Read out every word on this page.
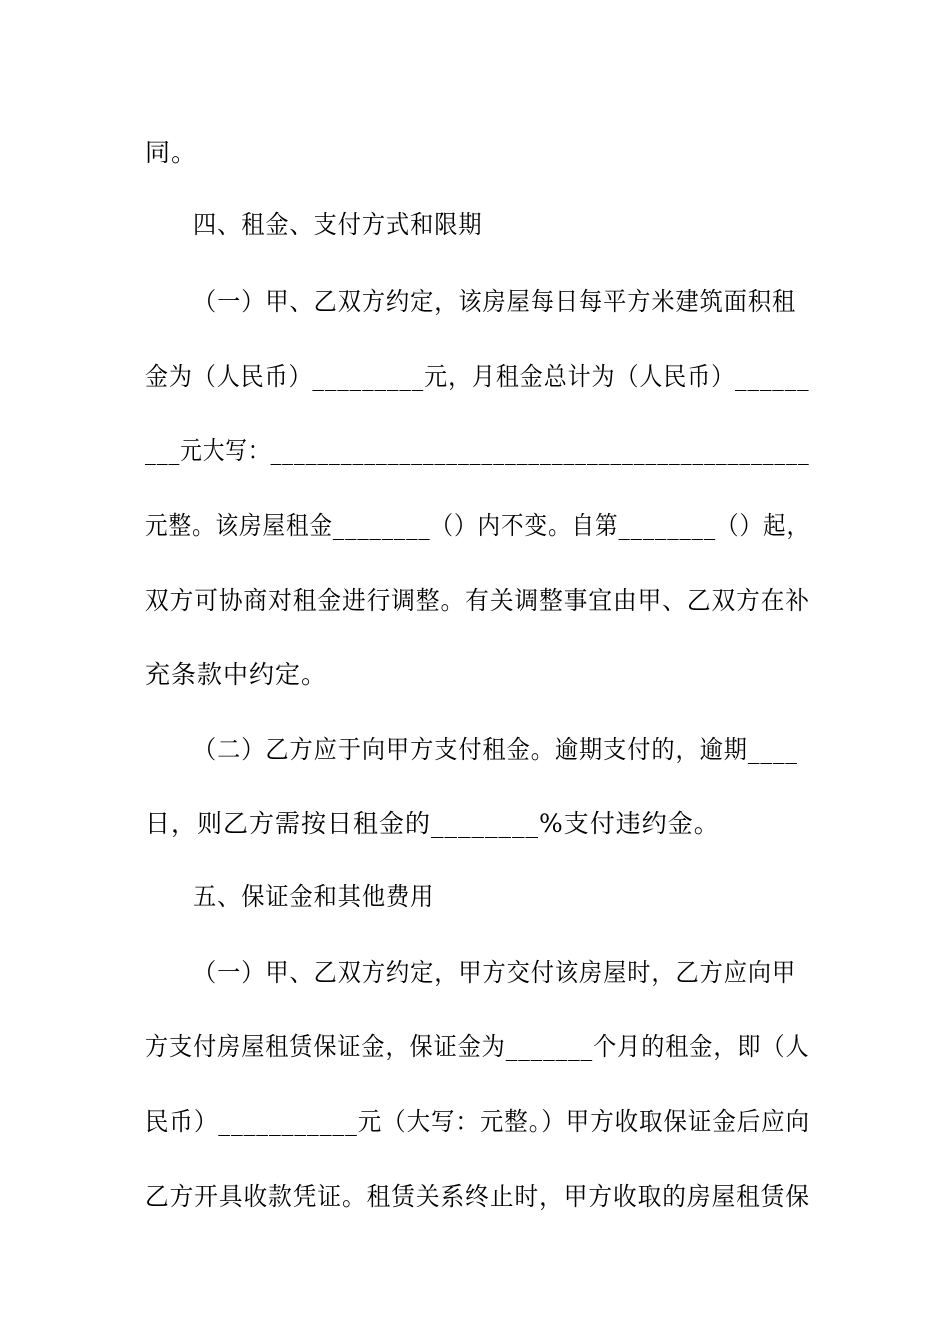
同。
四、租金、支付方式和限期
（一）甲、乙双方约定，该房屋每日每平方米建筑面积租
金为（人民币）_________元，月租金总计为（人民币）______
___元大写：______________________________________________
元整。该房屋租金________（）内不变。自第________（）起，
双方可协商对租金进行调整。有关调整事宜由甲、乙双方在补
充条款中约定。
（二）乙方应于向甲方支付租金。逾期支付的，逾期____
日，则乙方需按日租金的________%支付违约金。
五、保证金和其他费用
（一）甲、乙双方约定，甲方交付该房屋时，乙方应向甲
方支付房屋租赁保证金，保证金为_______个月的租金，即（人
民币）___________元（大写：元整。）甲方收取保证金后应向
乙方开具收款凭证。租赁关系终止时，甲方收取的房屋租赁保
